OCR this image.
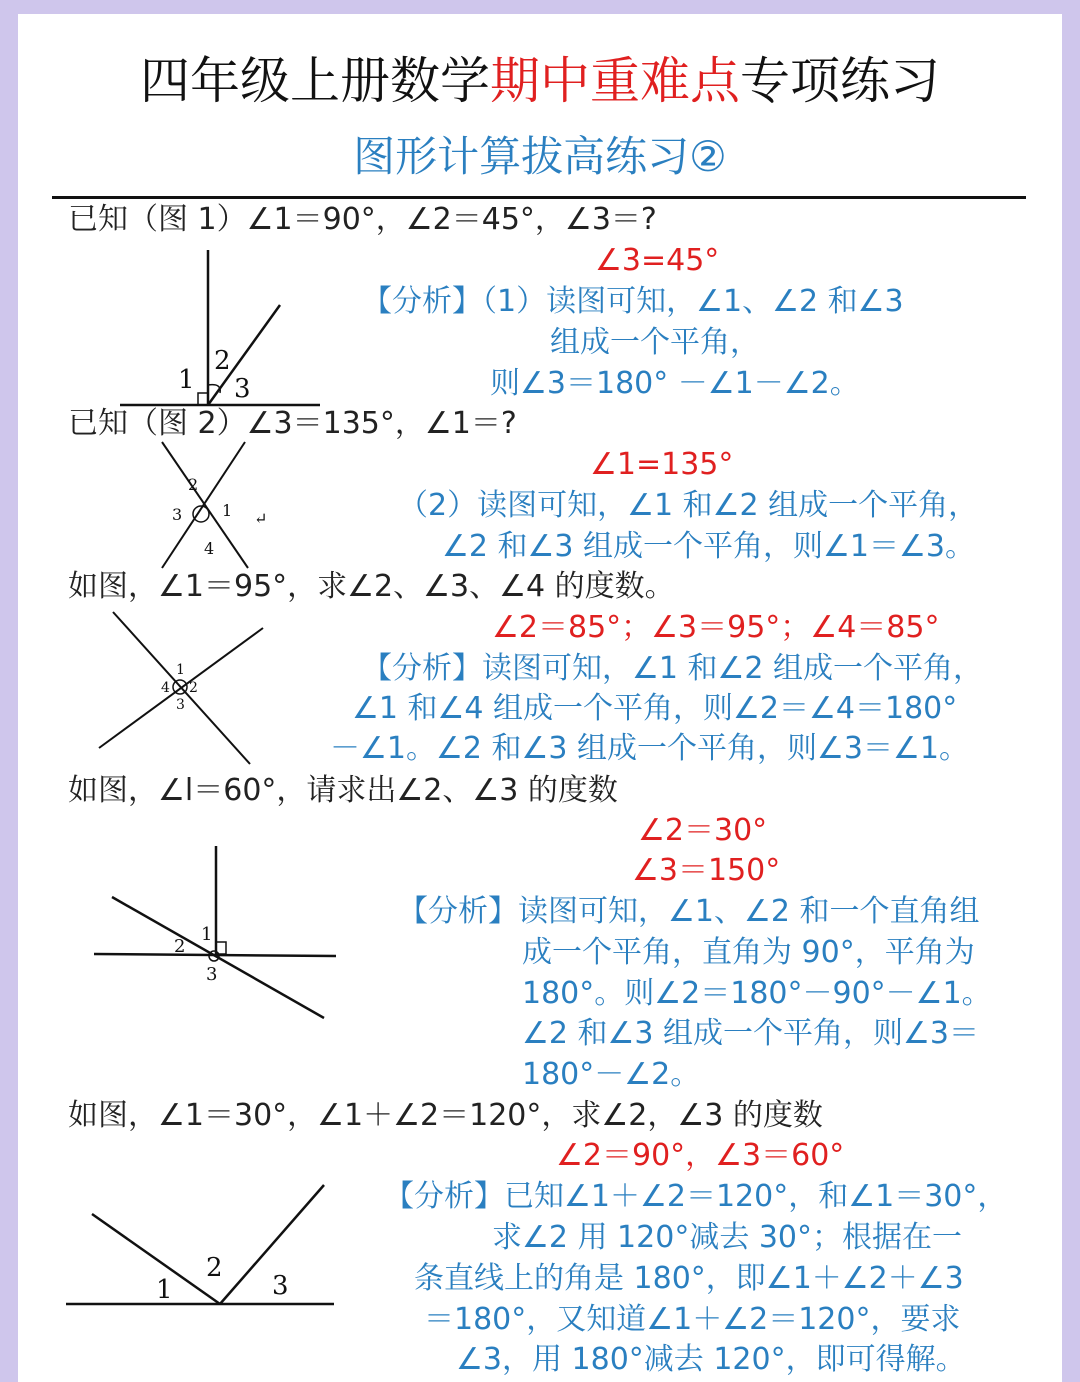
四年级上册数学期中重难点专项练习
图形计算拔高练习②
已知（图 1）∠1＝90°，∠2＝45°，∠3＝?
∠3=45°
【分析】（1）读图可知，∠1、∠2 和∠3
组成一个平角，
则∠3＝180° －∠1－∠2。
1
2
3
已知（图 2）∠3＝135°，∠1＝?
∠1=135°
（2）读图可知，∠1 和∠2 组成一个平角，
∠2 和∠3 组成一个平角，则∠1＝∠3。
2
3 1
4
↵
如图，∠1＝95°，求∠2、∠3、∠4 的度数。
∠2＝85°；∠3＝95°；∠4＝85°
【分析】读图可知，∠1 和∠2 组成一个平角，
∠1 和∠4 组成一个平角，则∠2＝∠4＝180°
－∠1。∠2 和∠3 组成一个平角，则∠3＝∠1。
1
4 2
3
如图，∠l＝60°，请求出∠2、∠3 的度数
∠2＝30°
∠3＝150°
【分析】读图可知，∠1、∠2 和一个直角组
成一个平角，直角为 90°，平角为
180°。则∠2＝180°－90°－∠1。
∠2 和∠3 组成一个平角，则∠3＝
180°－∠2。
1
2
3
如图，∠1＝30°，∠1＋∠2＝120°，求∠2，∠3 的度数
∠2＝90°，∠3＝60°
【分析】已知∠1＋∠2＝120°，和∠1＝30°，
求∠2 用 120°减去 30°；根据在一
条直线上的角是 180°，即∠1＋∠2＋∠3
＝180°，又知道∠1＋∠2＝120°，要求
∠3，用 180°减去 120°，即可得解。
1
2
3
